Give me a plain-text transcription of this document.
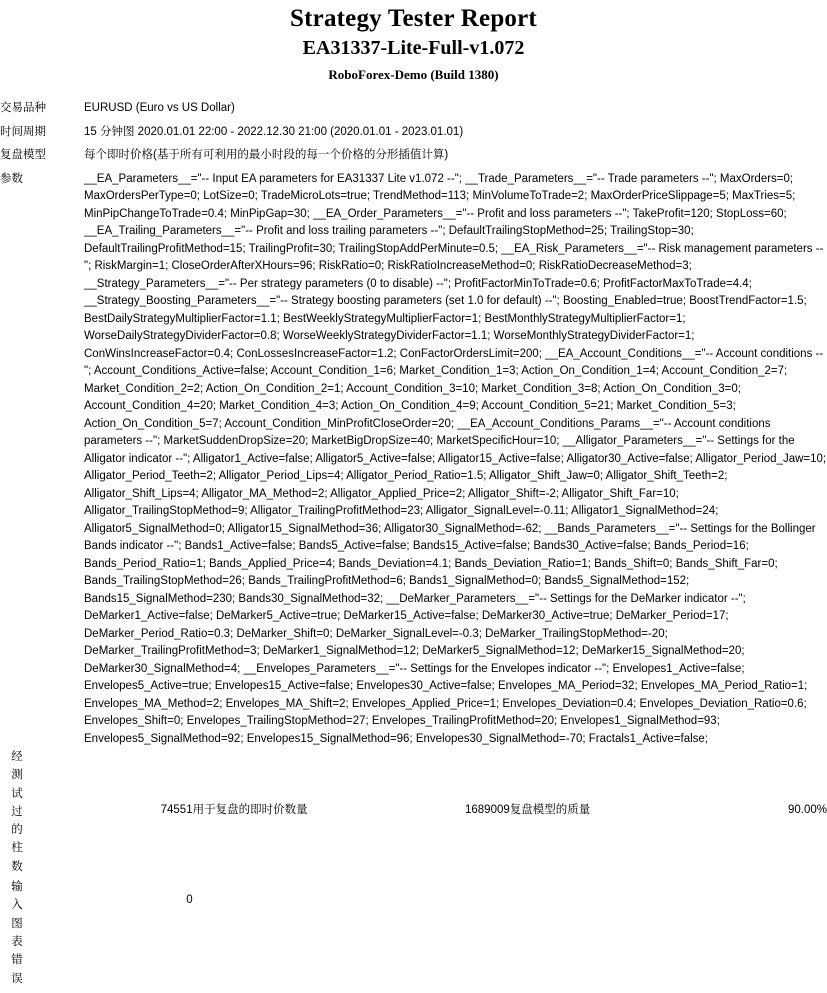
Strategy Tester Report
EA31337-Lite-Full-v1.072
RoboForex-Demo (Build 1380)
交易品种	EURUSD (Euro vs US Dollar)
时间周期	15 分钟图 2020.01.01 22:00 - 2022.12.30 21:00 (2020.01.01 - 2023.01.01)
复盘模型	每个即时价格(基于所有可利用的最小时段的每一个价格的分形插值计算)
参数	__EA_Parameters__="-- Input EA parameters for EA31337 Lite v1.072 --"; __Trade_Parameters__="-- Trade parameters --"; MaxOrders=0; MaxOrdersPerType=0; LotSize=0; TradeMicroLots=true; TrendMethod=113; MinVolumeToTrade=2; MaxOrderPriceSlippage=5; MaxTries=5; MinPipChangeToTrade=0.4; MinPipGap=30; __EA_Order_Parameters__="-- Profit and loss parameters --"; TakeProfit=120; StopLoss=60; __EA_Trailing_Parameters__="-- Profit and loss trailing parameters --"; DefaultTrailingStopMethod=25; TrailingStop=30; DefaultTrailingProfitMethod=15; TrailingProfit=30; TrailingStopAddPerMinute=0.5; __EA_Risk_Parameters__="-- Risk management parameters --"; RiskMargin=1; CloseOrderAfterXHours=96; RiskRatio=0; RiskRatioIncreaseMethod=0; RiskRatioDecreaseMethod=3; __Strategy_Parameters__="-- Per strategy parameters (0 to disable) --"; ProfitFactorMinToTrade=0.6; ProfitFactorMaxToTrade=4.4; __Strategy_Boosting_Parameters__="-- Strategy boosting parameters (set 1.0 for default) --"; Boosting_Enabled=true; BoostTrendFactor=1.5; BestDailyStrategyMultiplierFactor=1.1; BestWeeklyStrategyMultiplierFactor=1; BestMonthlyStrategyMultiplierFactor=1; WorseDailyStrategyDividerFactor=0.8; WorseWeeklyStrategyDividerFactor=1.1; WorseMonthlyStrategyDividerFactor=1; ConWinsIncreaseFactor=0.4; ConLossesIncreaseFactor=1.2; ConFactorOrdersLimit=200; __EA_Account_Conditions__="-- Account conditions --"; Account_Conditions_Active=false; Account_Condition_1=6; Market_Condition_1=3; Action_On_Condition_1=4; Account_Condition_2=7; Market_Condition_2=2; Action_On_Condition_2=1; Account_Condition_3=10; Market_Condition_3=8; Action_On_Condition_3=0; Account_Condition_4=20; Market_Condition_4=3; Action_On_Condition_4=9; Account_Condition_5=21; Market_Condition_5=3; Action_On_Condition_5=7; Account_Condition_MinProfitCloseOrder=20; __EA_Account_Conditions_Params__="-- Account conditions parameters --"; MarketSuddenDropSize=20; MarketBigDropSize=40; MarketSpecificHour=10; __Alligator_Parameters__="-- Settings for the Alligator indicator --"; Alligator1_Active=false; Alligator5_Active=false; Alligator15_Active=false; Alligator30_Active=false; Alligator_Period_Jaw=10; Alligator_Period_Teeth=2; Alligator_Period_Lips=4; Alligator_Period_Ratio=1.5; Alligator_Shift_Jaw=0; Alligator_Shift_Teeth=2; Alligator_Shift_Lips=4; Alligator_MA_Method=2; Alligator_Applied_Price=2; Alligator_Shift=-2; Alligator_Shift_Far=10; Alligator_TrailingStopMethod=9; Alligator_TrailingProfitMethod=23; Alligator_SignalLevel=-0.11; Alligator1_SignalMethod=24; Alligator5_SignalMethod=0; Alligator15_SignalMethod=36; Alligator30_SignalMethod=-62; __Bands_Parameters__="-- Settings for the Bollinger Bands indicator --"; Bands1_Active=false; Bands5_Active=false; Bands15_Active=false; Bands30_Active=false; Bands_Period=16; Bands_Period_Ratio=1; Bands_Applied_Price=4; Bands_Deviation=4.1; Bands_Deviation_Ratio=1; Bands_Shift=0; Bands_Shift_Far=0; Bands_TrailingStopMethod=26; Bands_TrailingProfitMethod=6; Bands1_SignalMethod=0; Bands5_SignalMethod=152; Bands15_SignalMethod=230; Bands30_SignalMethod=32; __DeMarker_Parameters__="-- Settings for the DeMarker indicator --"; DeMarker1_Active=false; DeMarker5_Active=true; DeMarker15_Active=false; DeMarker30_Active=true; DeMarker_Period=17; DeMarker_Period_Ratio=0.3; DeMarker_Shift=0; DeMarker_SignalLevel=-0.3; DeMarker_TrailingStopMethod=-20; DeMarker_TrailingProfitMethod=3; DeMarker1_SignalMethod=12; DeMarker5_SignalMethod=12; DeMarker15_SignalMethod=20; DeMarker30_SignalMethod=4; __Envelopes_Parameters__="-- Settings for the Envelopes indicator --"; Envelopes1_Active=false; Envelopes5_Active=true; Envelopes15_Active=false; Envelopes30_Active=false; Envelopes_MA_Period=32; Envelopes_MA_Period_Ratio=1; Envelopes_MA_Method=2; Envelopes_MA_Shift=2; Envelopes_Applied_Price=1; Envelopes_Deviation=0.4; Envelopes_Deviation_Ratio=0.6; Envelopes_Shift=0; Envelopes_TrailingStopMethod=27; Envelopes_TrailingProfitMethod=20; Envelopes1_SignalMethod=93; Envelopes5_SignalMethod=92; Envelopes15_SignalMethod=96; Envelopes30_SignalMethod=-70; Fractals1_Active=false;
经
测
试
过
的
柱
数
输
入
图
表
错
误

	74551	用于复盘的即时价数量	1689009	复盘模型的质量	90.00%

	0				
